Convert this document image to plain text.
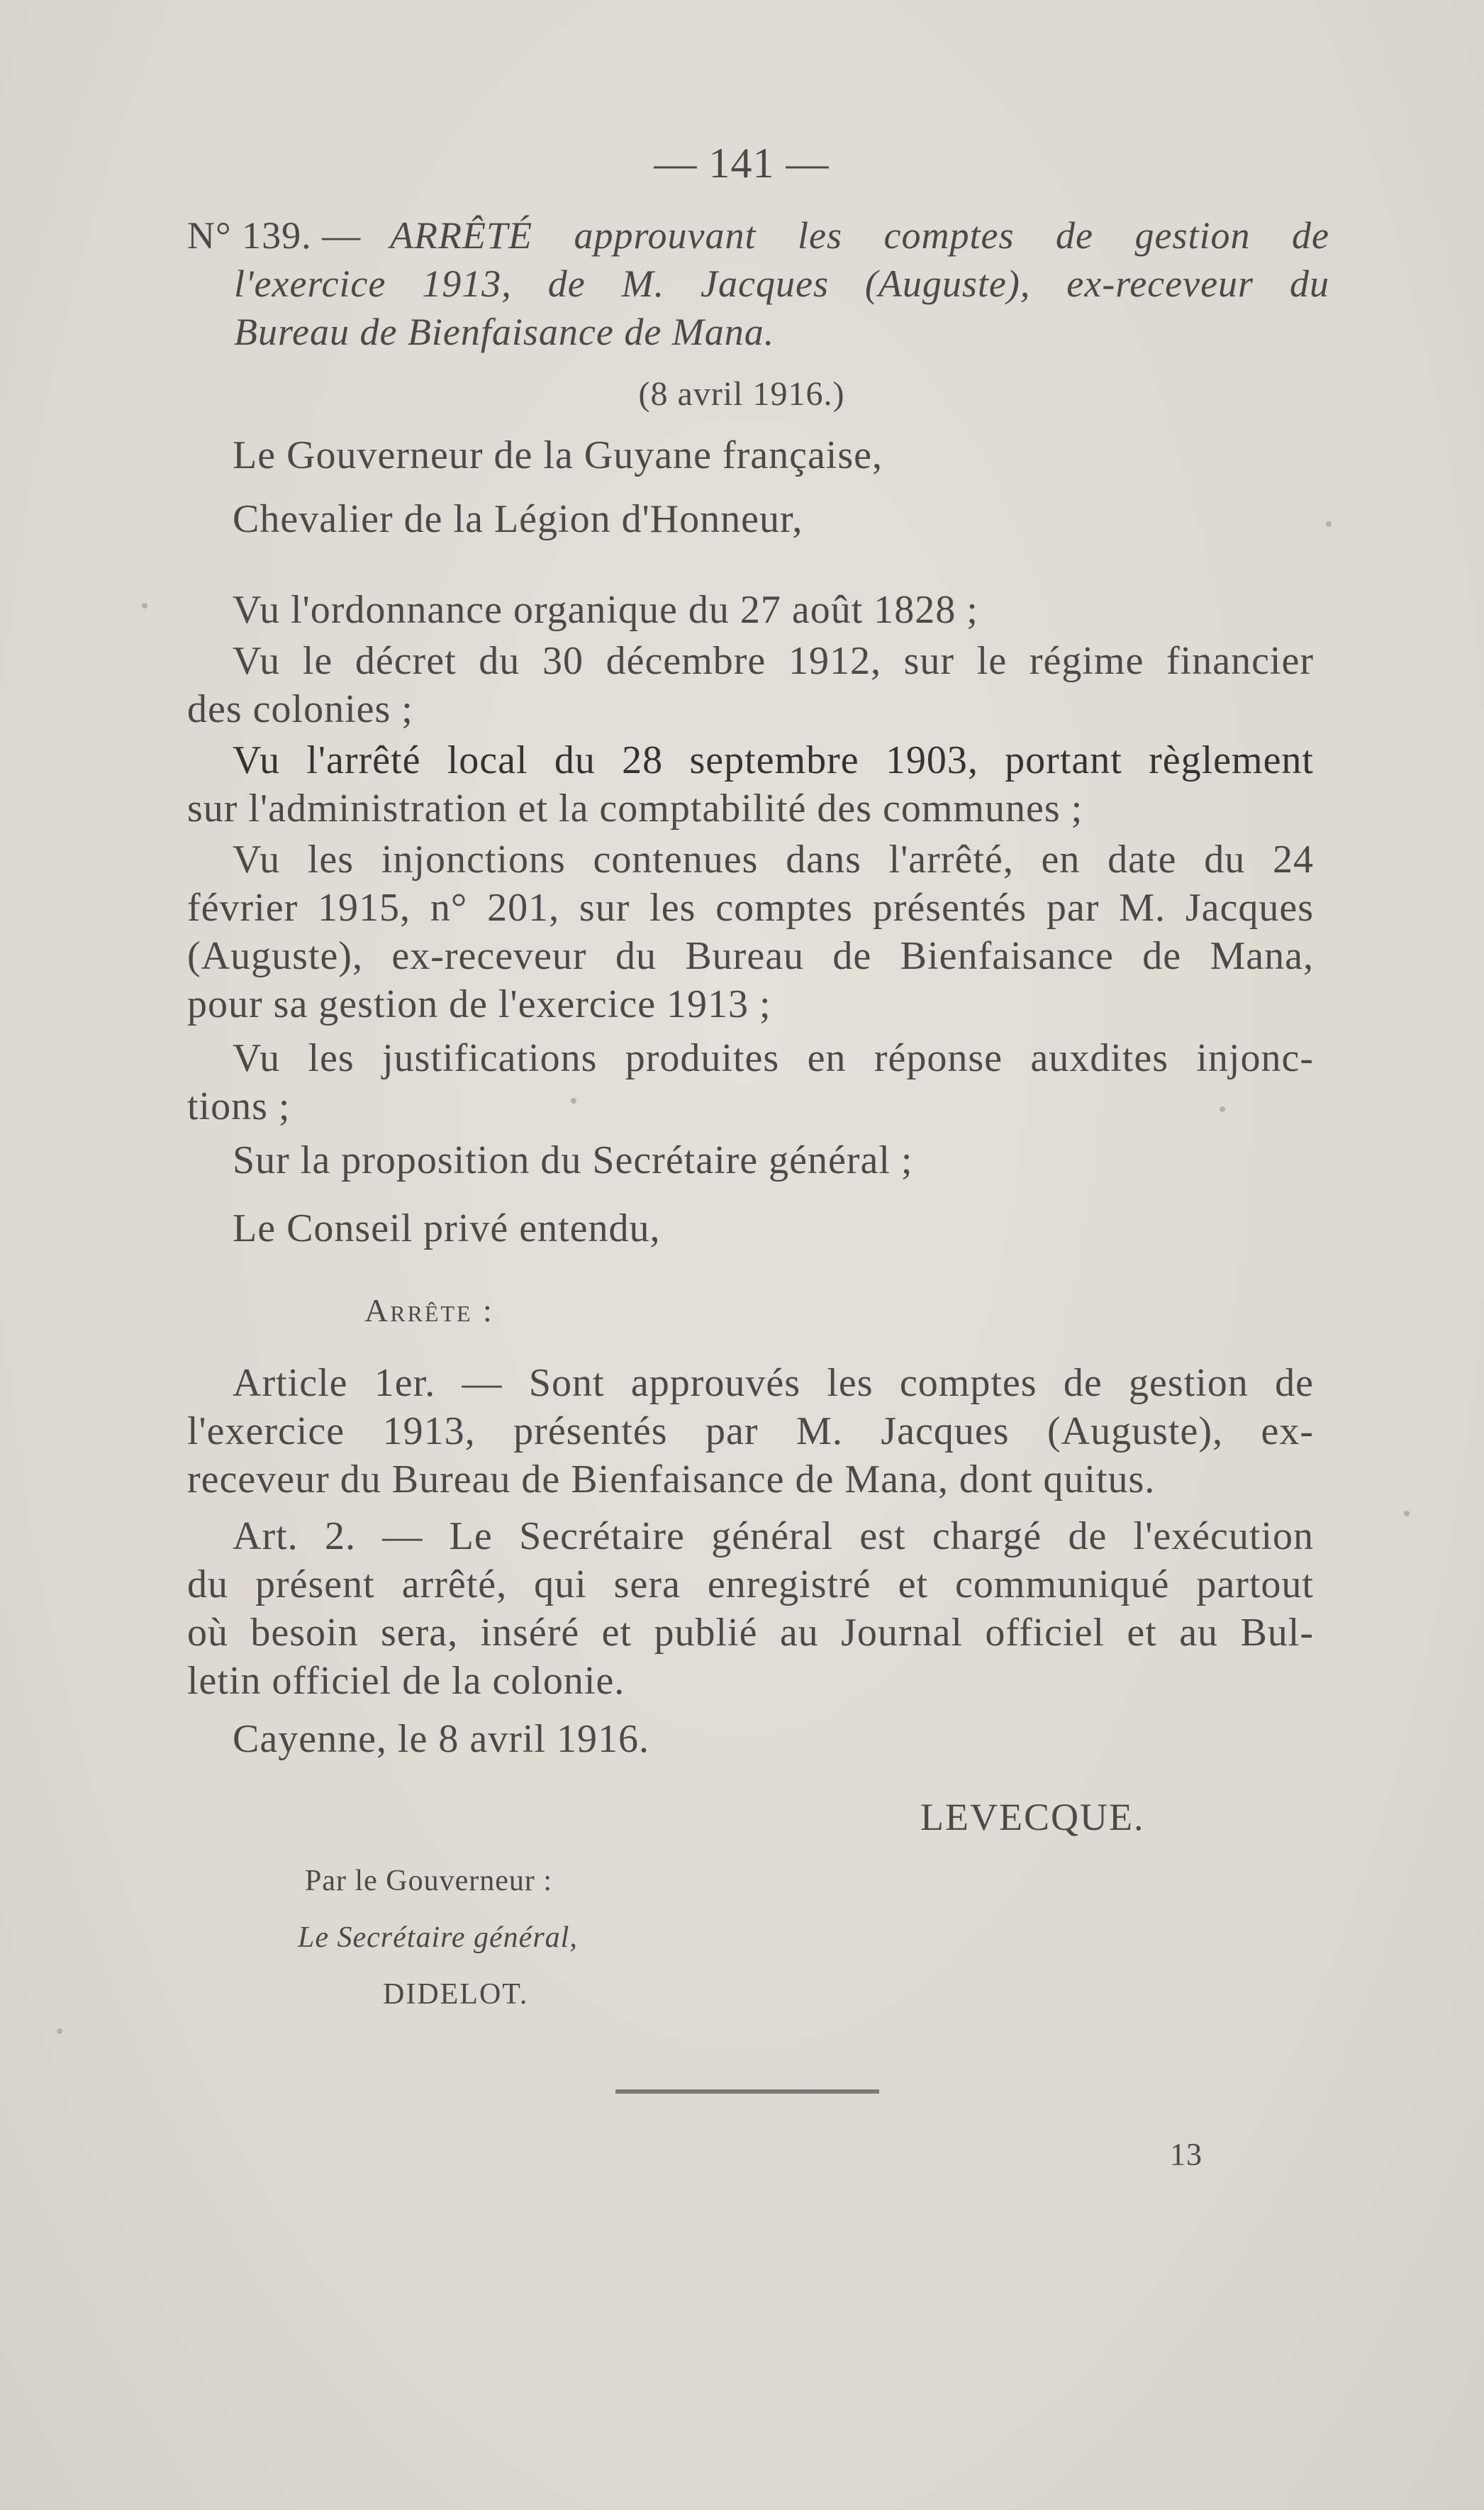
— 141 —
N° 139. — ARRÊTÉ approuvant les comptes de gestion de
l'exercice 1913, de M. Jacques (Auguste), ex-receveur du
Bureau de Bienfaisance de Mana.
(8 avril 1916.)
Le Gouverneur de la Guyane française,
Chevalier de la Légion d'Honneur,
Vu l'ordonnance organique du 27 août 1828 ;
Vu le décret du 30 décembre 1912, sur le régime financier
des colonies ;
Vu l'arrêté local du 28 septembre 1903, portant règlement
sur l'administration et la comptabilité des communes ;
Vu les injonctions contenues dans l'arrêté, en date du 24
février 1915, n° 201, sur les comptes présentés par M. Jacques
(Auguste), ex-receveur du Bureau de Bienfaisance de Mana,
pour sa gestion de l'exercice 1913 ;
Vu les justifications produites en réponse auxdites injonc-
tions ;
Sur la proposition du Secrétaire général ;
Le Conseil privé entendu,
Arrête :
Article 1er. — Sont approuvés les comptes de gestion de
l'exercice 1913, présentés par M. Jacques (Auguste), ex-
receveur du Bureau de Bienfaisance de Mana, dont quitus.
Art. 2. — Le Secrétaire général est chargé de l'exécution
du présent arrêté, qui sera enregistré et communiqué partout
où besoin sera, inséré et publié au Journal officiel et au Bul-
letin officiel de la colonie.
Cayenne, le 8 avril 1916.
LEVECQUE.
Par le Gouverneur :
Le Secrétaire général,
DIDELOT.
13
